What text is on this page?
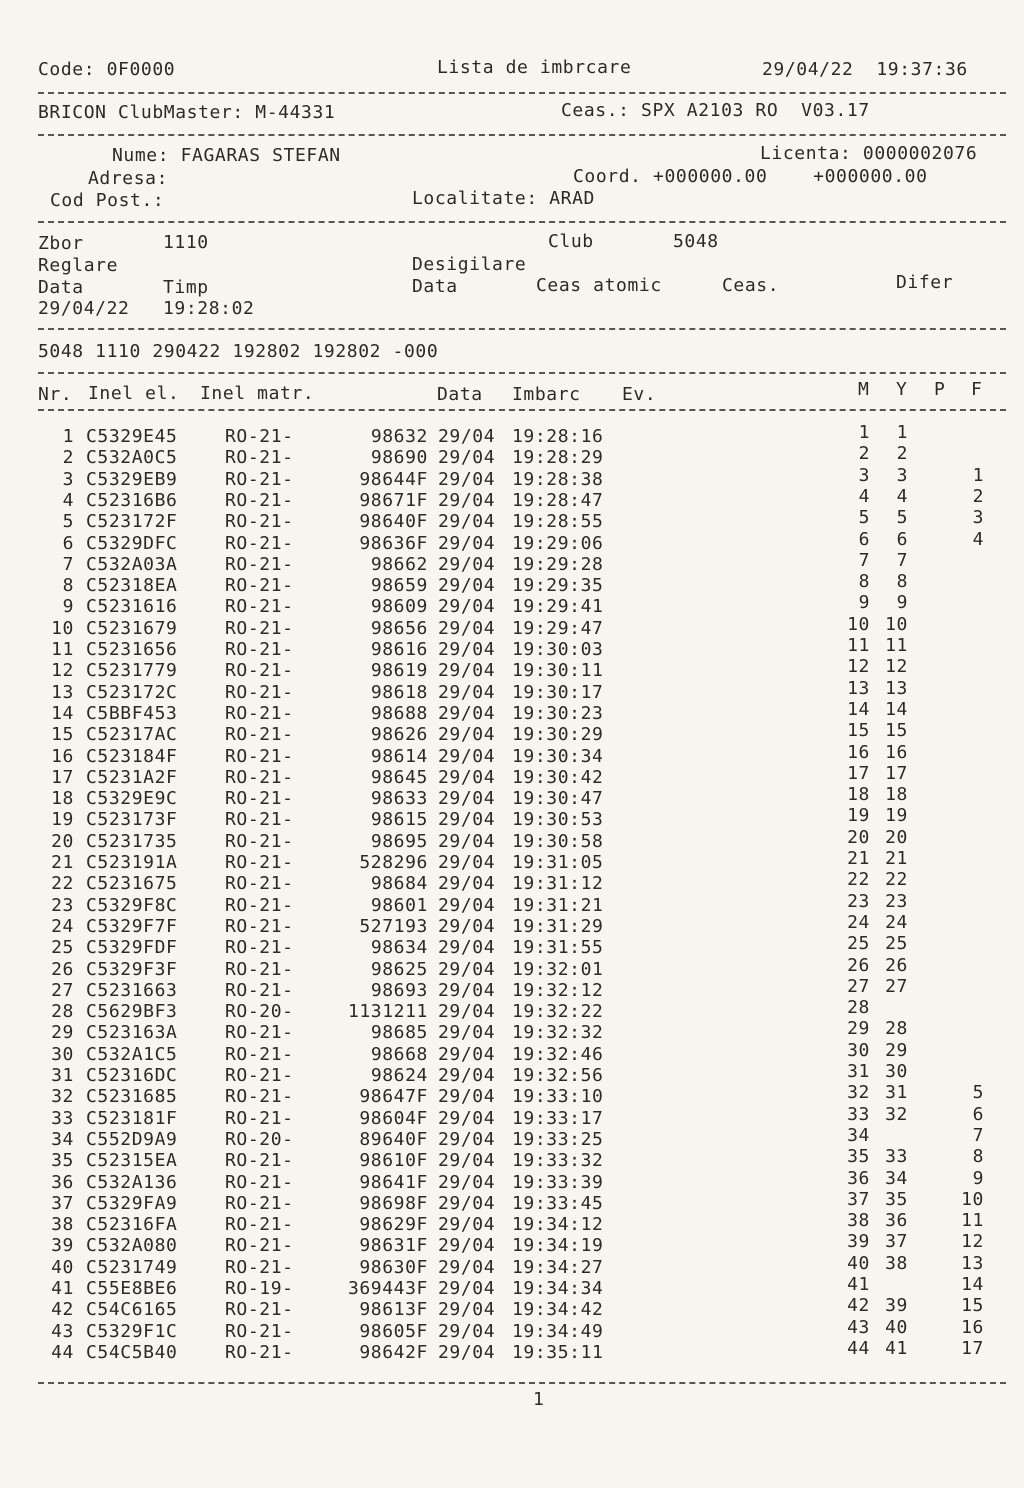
Code: 0F0000	Lista de imbrcare	29/04/22  19:37:36
BRICON ClubMaster: M-44331	Ceas.: SPX A2103 RO  V03.17
Nume: FAGARAS STEFAN	Licenta: 0000002076
Adresa:	Coord. +000000.00    +000000.00
Cod Post.:	Localitate: ARAD
Zbor	1110	Club	5048
Reglare	Desigilare
Data	Timp	Data	Ceas atomic	Ceas.	Difer
29/04/22 19:28:02
5048 1110 290422 192802 192802 -000
Nr. Inel el. Inel matr.	Data Imbarc Ev.	M Y P F
1 C5329E45	RO-21-	98632 29/04 19:28:16	1	1
2 C532A0C5	RO-21-	98690 29/04 19:28:29	2	2
3 C5329EB9	RO-21-	98644F 29/04 19:28:38	3	3	1
4 C52316B6	RO-21-	98671F 29/04 19:28:47	4	4	2
5 C523172F	RO-21-	98640F 29/04 19:28:55	5	5	3
6 C5329DFC	RO-21-	98636F 29/04 19:29:06	6	6	4
7 C532A03A	RO-21-	98662 29/04 19:29:28	7	7
8 C52318EA	RO-21-	98659 29/04 19:29:35	8	8
9 C5231616	RO-21-	98609 29/04 19:29:41	9	9
10 C5231679	RO-21-	98656 29/04 19:29:47	10 10
11 C5231656	RO-21-	98616 29/04 19:30:03	11 11
12 C5231779	RO-21-	98619 29/04 19:30:11	12 12
13 C523172C	RO-21-	98618 29/04 19:30:17	13 13
14 C5BBF453	RO-21-	98688 29/04 19:30:23	14 14
15 C52317AC	RO-21-	98626 29/04 19:30:29	15 15
16 C523184F	RO-21-	98614 29/04 19:30:34	16 16
17 C5231A2F	RO-21-	98645 29/04 19:30:42	17 17
18 C5329E9C	RO-21-	98633 29/04 19:30:47	18 18
19 C523173F	RO-21-	98615 29/04 19:30:53	19 19
20 C5231735	RO-21-	98695 29/04 19:30:58	20 20
21 C523191A	RO-21-	528296 29/04 19:31:05	21 21
22 C5231675	RO-21-	98684 29/04 19:31:12	22 22
23 C5329F8C	RO-21-	98601 29/04 19:31:21	23 23
24 C5329F7F	RO-21-	527193 29/04 19:31:29	24 24
25 C5329FDF	RO-21-	98634 29/04 19:31:55	25 25
26 C5329F3F	RO-21-	98625 29/04 19:32:01	26 26
27 C5231663	RO-21-	98693 29/04 19:32:12	27 27
28 C5629BF3	RO-20-	1131211 29/04 19:32:22	28
29 C523163A	RO-21-	98685 29/04 19:32:32	29 28
30 C532A1C5	RO-21-	98668 29/04 19:32:46	30 29
31 C52316DC	RO-21-	98624 29/04 19:32:56	31 30
32 C5231685	RO-21-	98647F 29/04 19:33:10	32 31	5
33 C523181F	RO-21-	98604F 29/04 19:33:17	33 32	6
34 C552D9A9	RO-20-	89640F 29/04 19:33:25	34	7
35 C52315EA	RO-21-	98610F 29/04 19:33:32	35 33	8
36 C532A136	RO-21-	98641F 29/04 19:33:39	36 34	9
37 C5329FA9	RO-21-	98698F 29/04 19:33:45	37 35	10
38 C52316FA	RO-21-	98629F 29/04 19:34:12	38 36	11
39 C532A080	RO-21-	98631F 29/04 19:34:19	39 37	12
40 C5231749	RO-21-	98630F 29/04 19:34:27	40 38	13
41 C55E8BE6	RO-19-	369443F 29/04 19:34:34	41	14
42 C54C6165	RO-21-	98613F 29/04 19:34:42	42 39	15
43 C5329F1C	RO-21-	98605F 29/04 19:34:49	43 40	16
44 C54C5B40	RO-21-	98642F 29/04 19:35:11	44 41	17
1
